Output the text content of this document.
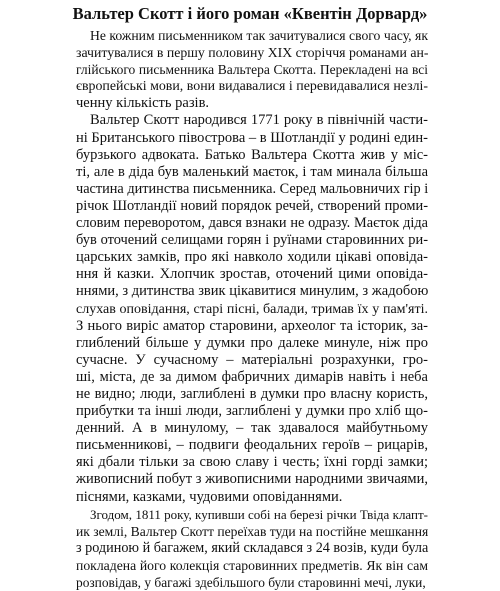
Вальтер Скотт і його роман «Квентін Дорвард»
Не кожним письменником так зачитувалися свого часу, як
зачитувалися в першу половину XIX сторіччя романами ан-
глійського письменника Вальтера Скотта. Перекладені на всі
європейські мови, вони видавалися і перевидавалися незлі-
ченну кількість разів.
Вальтер Скотт народився 1771 року в північній части-
ні Британського півострова – в Шотландії у родині един-
бурзького адвоката. Батько Вальтера Скотта жив у міс-
ті, але в діда був маленький маєток, і там минала більша
частина дитинства письменника. Серед мальовничих гір і
річок Шотландії новий порядок речей, створений проми-
словим переворотом, дався взнаки не одразу. Маєток діда
був оточений селищами горян і руїнами старовинних ри-
царських замків, про які навколо ходили цікаві оповіда-
ння й казки. Хлопчик зростав, оточений цими оповіда-
ннями, з дитинства звик цікавитися минулим, з жадобою
слухав оповідання, старі пісні, балади, тримав їх у пам'яті.
З нього виріс аматор старовини, археолог та історик, за-
глиблений більше у думки про далеке минуле, ніж про
сучасне. У сучасному – матеріальні розрахунки, гро-
ші, міста, де за димом фабричних димарів навіть і неба
не видно; люди, заглиблені в думки про власну користь,
прибутки та інші люди, заглиблені у думки про хліб що-
денний. А в минулому, – так здавалося майбутньому
письменникові, – подвиги феодальних героїв – рицарів,
які дбали тільки за свою славу і честь; їхні горді замки;
живописний побут з живописними народними звичаями,
піснями, казками, чудовими оповіданнями.
Згодом, 1811 року, купивши собі на березі річки Твіда клапт-
ик землі, Вальтер Скотт переїхав туди на постійне мешкання
з родиною й багажем, який складався з 24 возів, куди була
покладена його колекція старовинних предметів. Як він сам
розповідав, у багажі здебільшого були старовинні мечі, луки,
